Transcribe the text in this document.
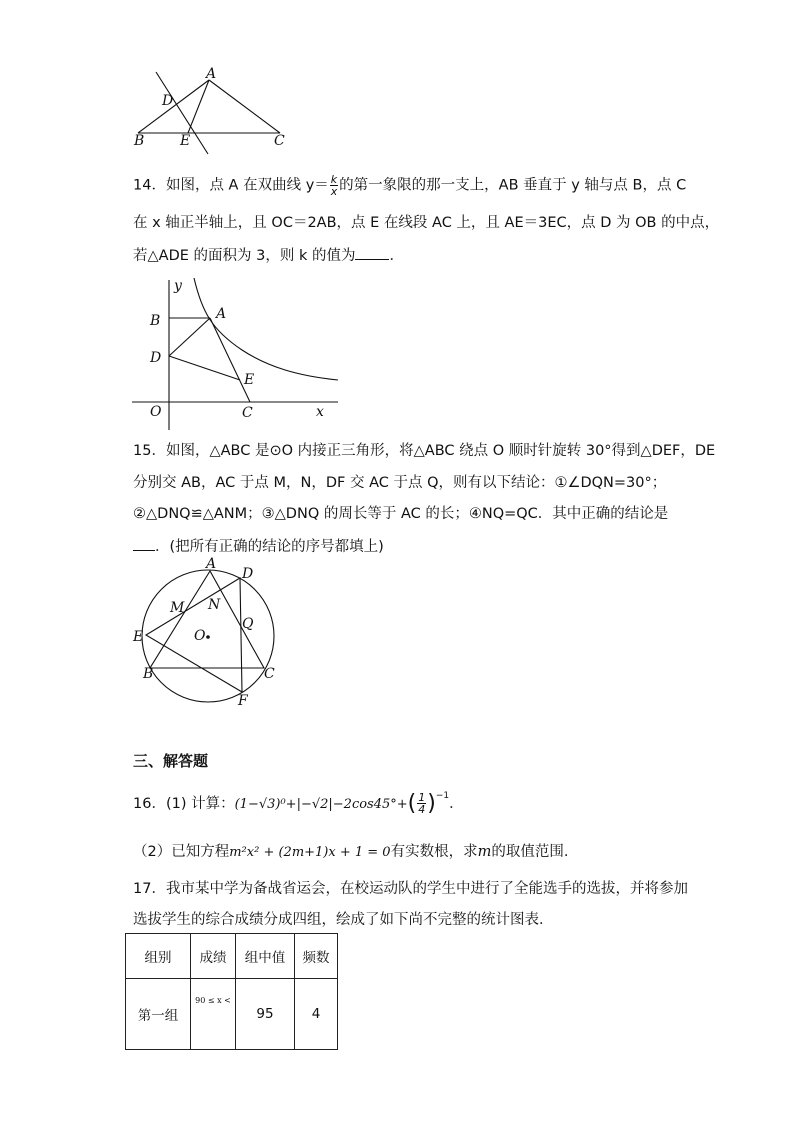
A
D
B	E	C
14．如图，点 A 在双曲线 $y= \frac{k}{x}$ 的第一象限的那一支上，AB 垂直于 y 轴与点 B，点 C
在 x 轴正半轴上，且 OC＝2AB，点 E 在线段 AC 上，且 AE＝3EC，点 D 为 OB 的中点，
若△ADE 的面积为 3，则 k 的值为 ．
y
B	A
D
E
O	C	x
15．如图，△ABC 是⊙O 内接正三角形，将△ABC 绕点 O 顺时针旋转 30°得到△DEF，DE
分别交 AB，AC 于点 M，N，DF 交 AC 于点 Q，则有以下结论：①∠DQN=30°；
②△DNQ≌△ANM；③△DNQ 的周长等于 AC 的长；④NQ=QC．其中正确的结论是
．(把所有正确的结论的序号都填上)
A
D
M N
E	O
Q
B	C
F
三、解答题
16．(1) 计算：$(1-√3)^0+|-√2|-2\cos 45^\circ+( \frac{1}{4} )^{-1}$．
（2）已知方程m²x² + (2m+1)x + 1 = 0有实数根，求m的取值范围.
17．我市某中学为备战省运会，在校运动队的学生中进行了全能选手的选拔，并将参加
选拔学生的综合成绩分成四组，绘成了如下尚不完整的统计图表．
组别	成绩	组中值	频数
第一组	90 ≤ x <	95	4
